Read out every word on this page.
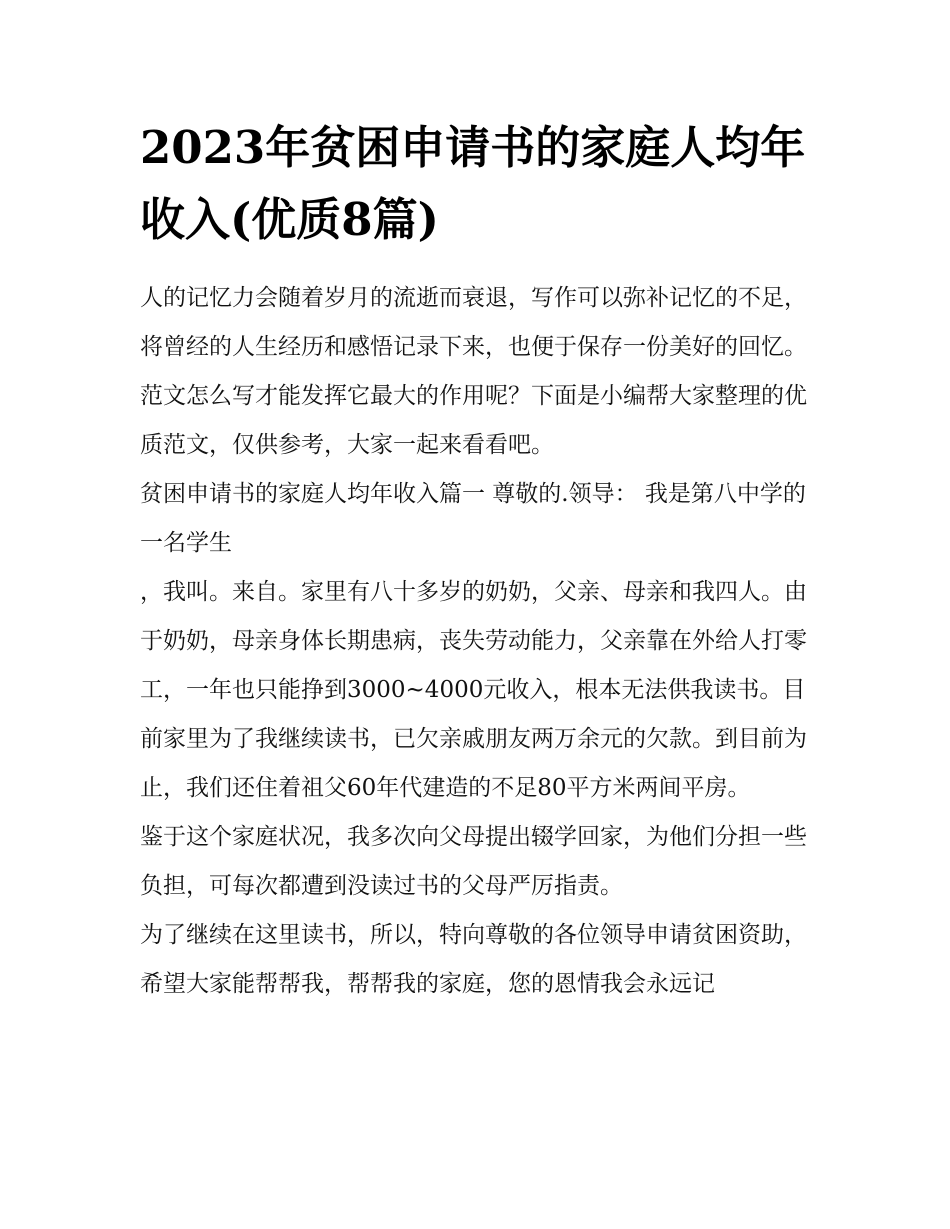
2023年贫困申请书的家庭人均年收入(优质8篇)

人的记忆力会随着岁月的流逝而衰退，写作可以弥补记忆的不足，将曾经的人生经历和感悟记录下来，也便于保存一份美好的回忆。范文怎么写才能发挥它最大的作用呢？下面是小编帮大家整理的优质范文，仅供参考，大家一起来看看吧。

贫困申请书的家庭人均年收入篇一 尊敬的.领导： 我是第八中学的一名学生

，我叫。来自。家里有八十多岁的奶奶，父亲、母亲和我四人。由于奶奶，母亲身体长期患病，丧失劳动能力，父亲靠在外给人打零工，一年也只能挣到3000~4000元收入，根本无法供我读书。目前家里为了我继续读书，已欠亲戚朋友两万余元的欠款。到目前为止，我们还住着祖父60年代建造的不足80平方米两间平房。

鉴于这个家庭状况，我多次向父母提出辍学回家，为他们分担一些负担，可每次都遭到没读过书的父母严厉指责。

为了继续在这里读书，所以，特向尊敬的各位领导申请贫困资助，希望大家能帮帮我，帮帮我的家庭，您的恩情我会永远记
